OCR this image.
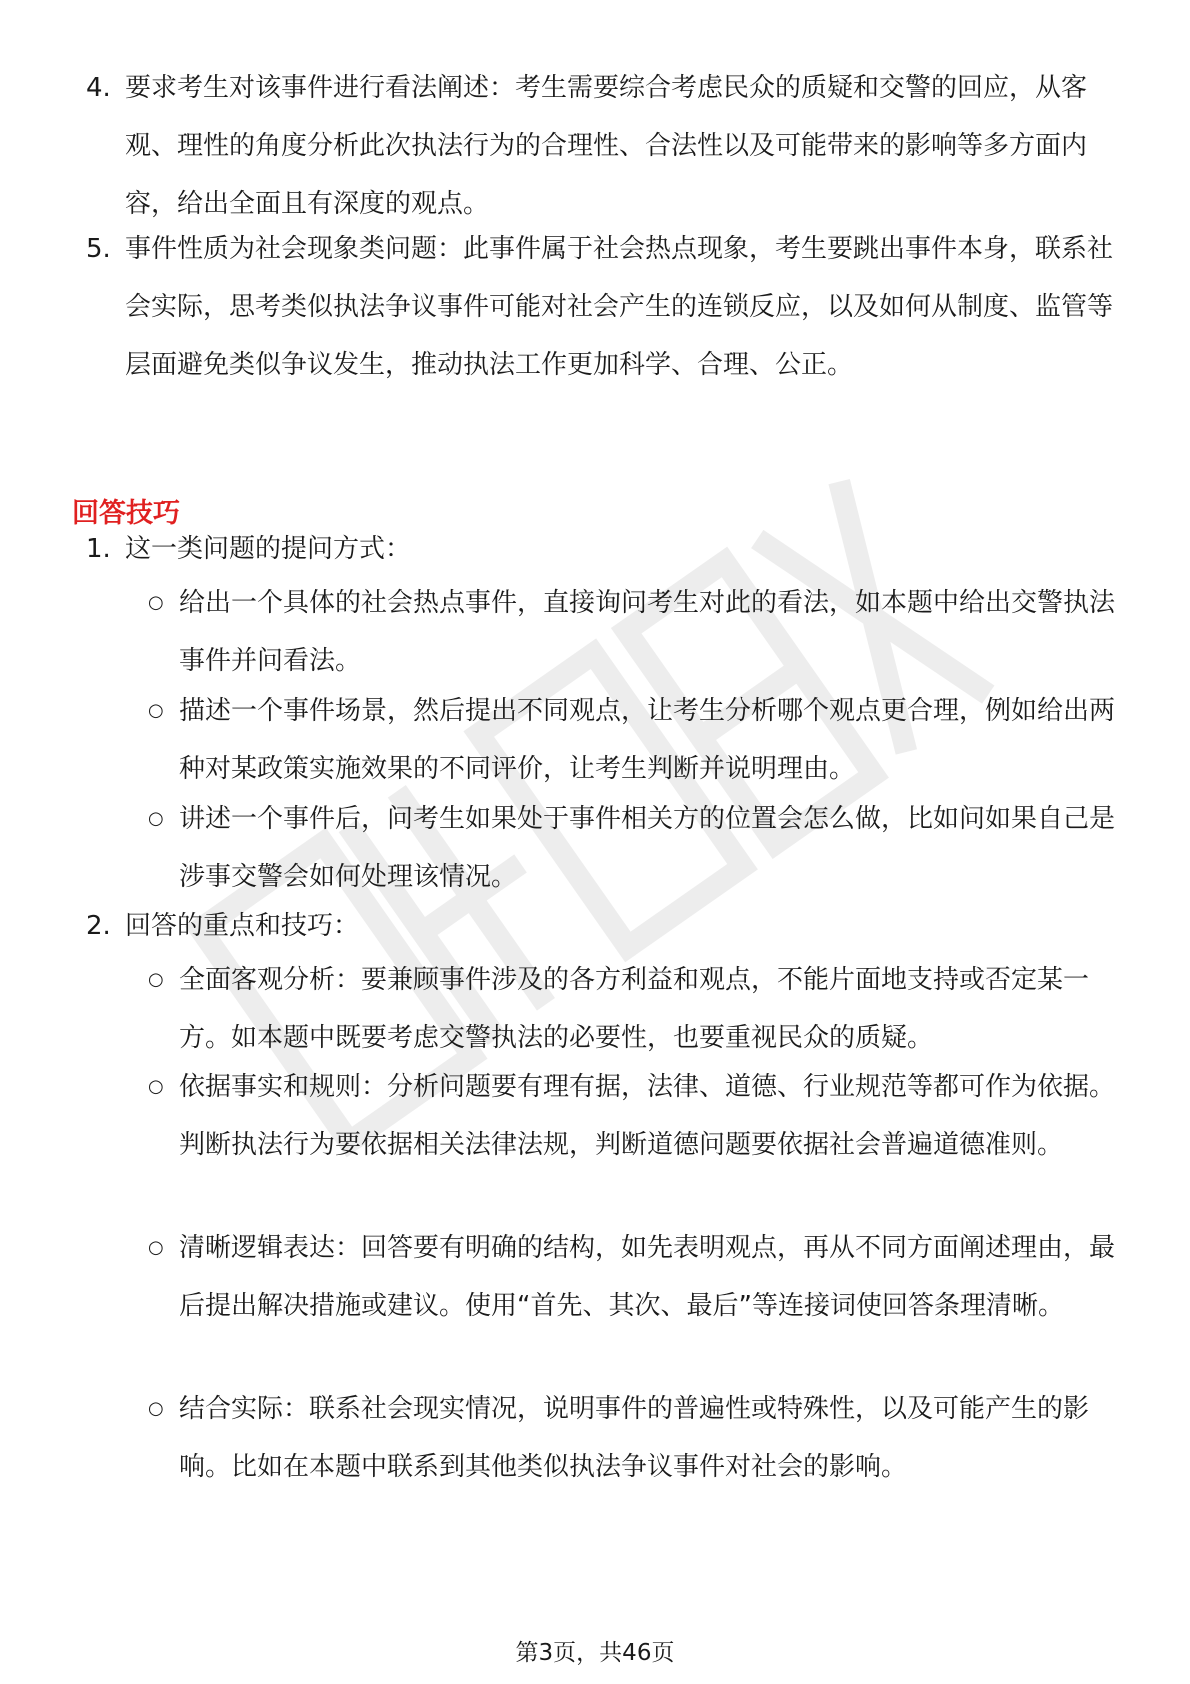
4. 要求考生对该事件进行看法阐述：考生需要综合考虑民众的质疑和交警的回应，从客观、理性的角度分析此次执法行为的合理性、合法性以及可能带来的影响等多方面内容，给出全面且有深度的观点。
5. 事件性质为社会现象类问题：此事件属于社会热点现象，考生要跳出事件本身，联系社会实际，思考类似执法争议事件可能对社会产生的连锁反应，以及如何从制度、监管等层面避免类似争议发生，推动执法工作更加科学、合理、公正。
回答技巧
1. 这一类问题的提问方式：
○ 给出一个具体的社会热点事件，直接询问考生对此的看法，如本题中给出交警执法事件并问看法。
○ 描述一个事件场景，然后提出不同观点，让考生分析哪个观点更合理，例如给出两种对某政策实施效果的不同评价，让考生判断并说明理由。
○ 讲述一个事件后，问考生如果处于事件相关方的位置会怎么做，比如问如果自己是涉事交警会如何处理该情况。
2. 回答的重点和技巧：
○ 全面客观分析：要兼顾事件涉及的各方利益和观点，不能片面地支持或否定某一方。如本题中既要考虑交警执法的必要性，也要重视民众的质疑。
○ 依据事实和规则：分析问题要有理有据，法律、道德、行业规范等都可作为依据。判断执法行为要依据相关法律法规，判断道德问题要依据社会普遍道德准则。
○ 清晰逻辑表达：回答要有明确的结构，如先表明观点，再从不同方面阐述理由，最后提出解决措施或建议。使用“首先、其次、最后”等连接词使回答条理清晰。
○ 结合实际：联系社会现实情况，说明事件的普遍性或特殊性，以及可能产生的影响。比如在本题中联系到其他类似执法争议事件对社会的影响。
第3页，共46页
